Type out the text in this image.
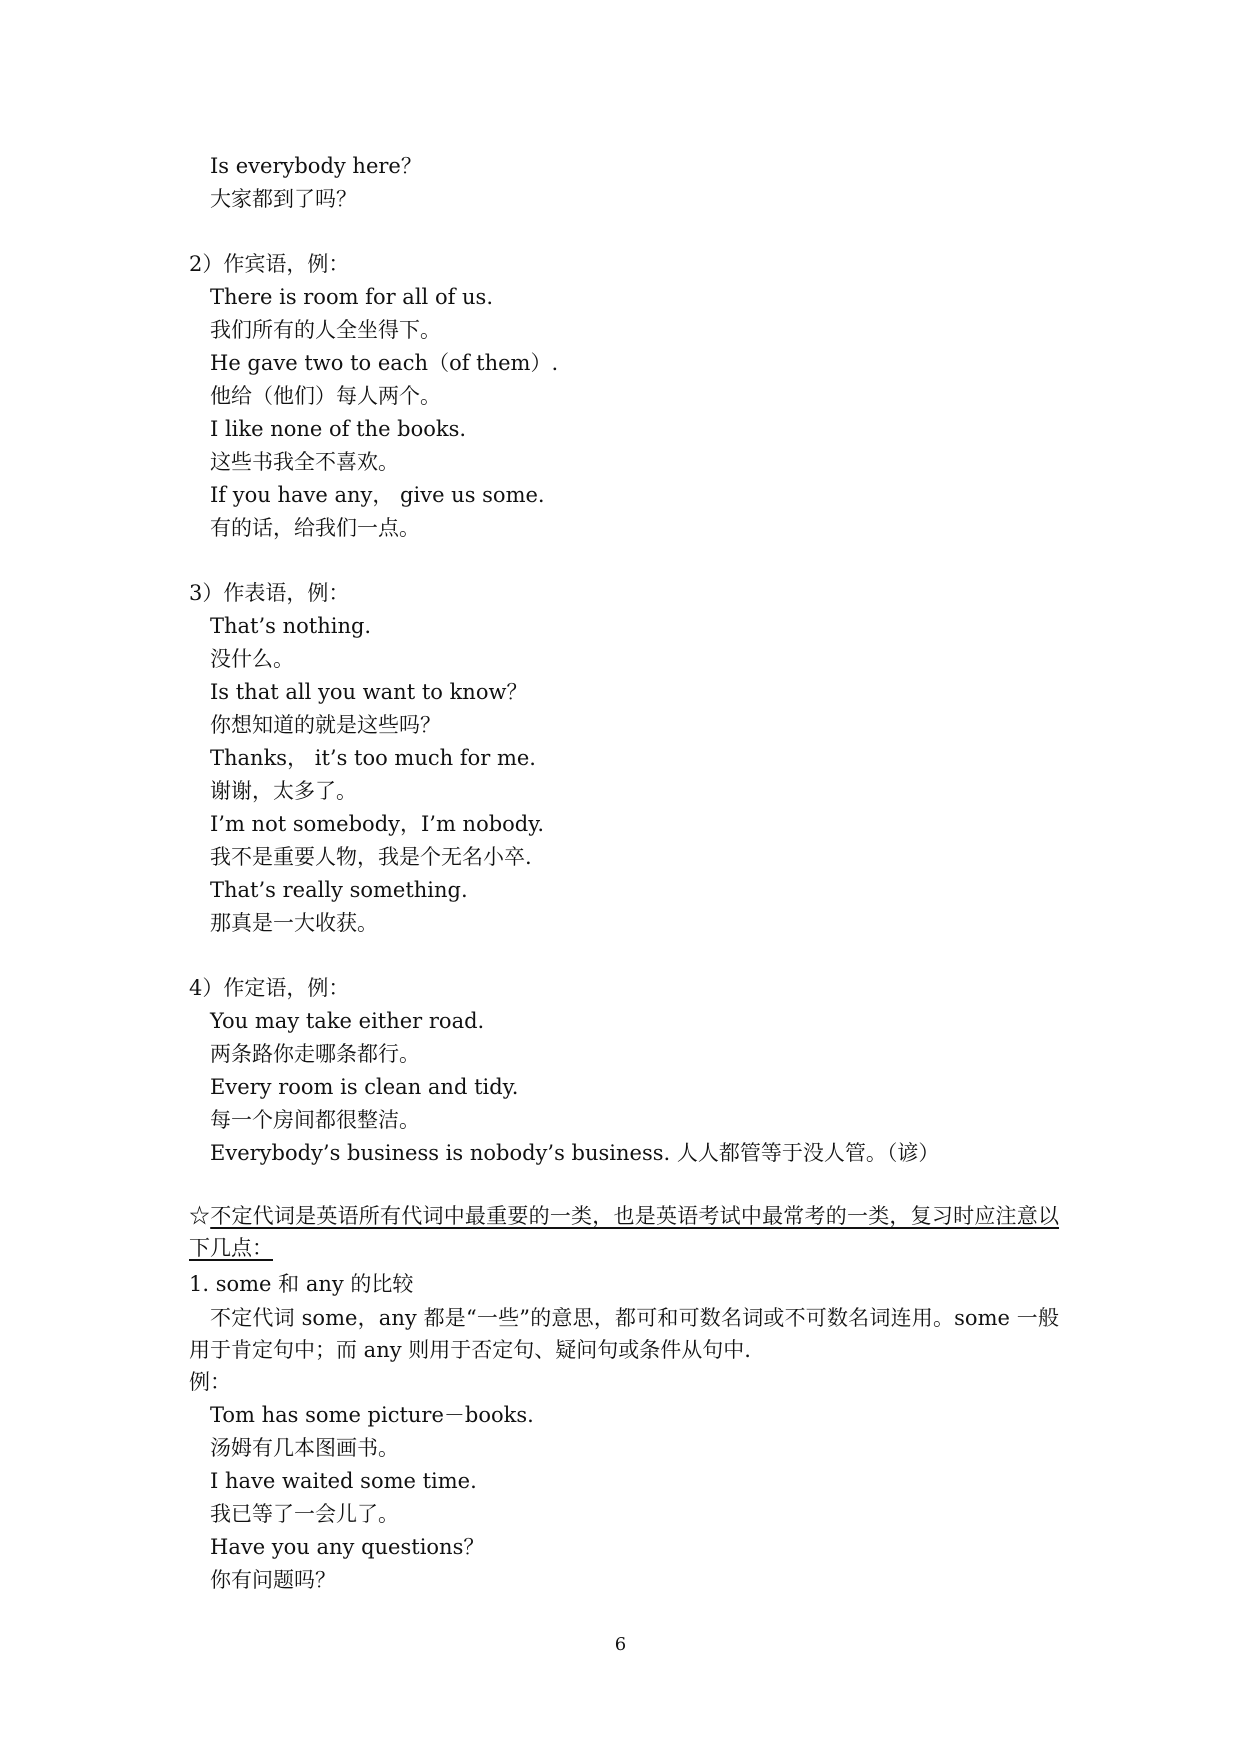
Is everybody here？
大家都到了吗？
2）作宾语，例：
There is room for all of us.
我们所有的人全坐得下。
He gave two to each（of them）.
他给（他们）每人两个。
I like none of the books.
这些书我全不喜欢。
If you have any， give us some.
有的话，给我们一点。
3）作表语，例：
That’s nothing.
没什么。
Is that all you want to know？
你想知道的就是这些吗？
Thanks， it’s too much for me.
谢谢，太多了。
I’m not somebody，I’m nobody.
我不是重要人物，我是个无名小卒.
That’s really something.
那真是一大收获。
4）作定语，例：
You may take either road.
两条路你走哪条都行。
Every room is clean and tidy.
每一个房间都很整洁。
Everybody’s business is nobody’s business. 人人都管等于没人管。（谚）
☆不定代词是英语所有代词中最重要的一类，也是英语考试中最常考的一类，复习时应注意以下几点：
1. some 和 any 的比较
不定代词 some，any 都是“一些”的意思，都可和可数名词或不可数名词连用。some 一般用于肯定句中；而 any 则用于否定句、疑问句或条件从句中.
例：
Tom has some picture－books.
汤姆有几本图画书。
I have waited some time.
我已等了一会儿了。
Have you any questions？
你有问题吗？
6
